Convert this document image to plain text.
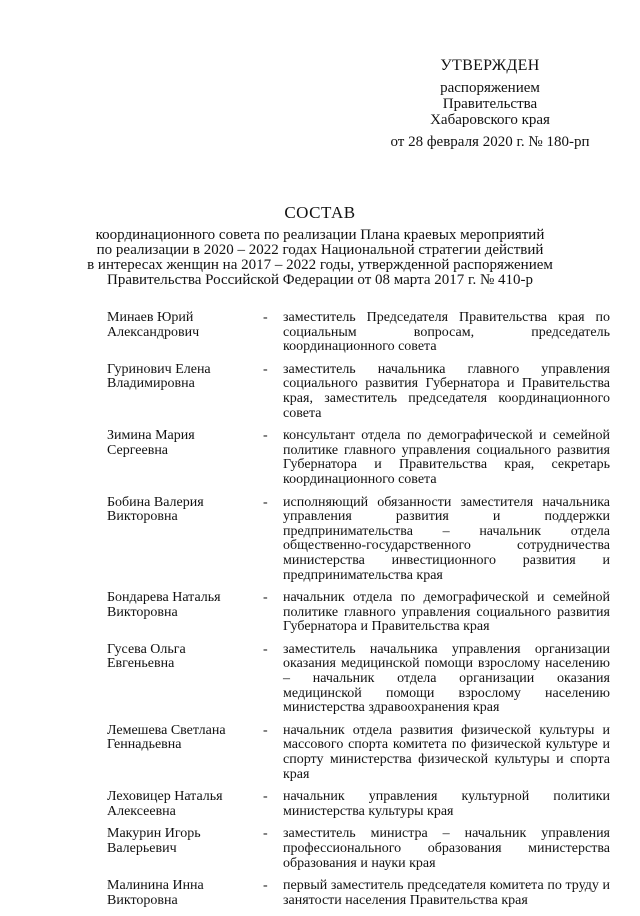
УТВЕРЖДЕН
распоряжением
Правительства
Хабаровского края
от 28 февраля 2020 г. № 180-рп
СОСТАВ
координационного совета по реализации Плана краевых мероприятий
по реализации в 2020 – 2022 годах Национальной стратегии действий
в интересах женщин на 2017 – 2022 годы, утвержденной распоряжением
Правительства Российской Федерации от 08 марта 2017 г. № 410-р
Минаев Юрий
Александрович
-	заместитель Председателя Правительства края по социальным вопросам, председатель координационного совета
Гуринович Елена
Владимировна
-	заместитель начальника главного управления социального развития Губернатора и Правительства края, заместитель председателя координационного совета
Зимина Мария
Сергеевна
-	консультант отдела по демографической и семейной политике главного управления социального развития Губернатора и Правительства края, секретарь координационного совета
Бобина Валерия
Викторовна
-	исполняющий обязанности заместителя начальника управления развития и поддержки предпринимательства – начальник отдела общественно-государственного сотрудничества министерства инвестиционного развития и предпринимательства края
Бондарева Наталья
Викторовна
-	начальник отдела по демографической и семейной политике главного управления социального развития Губернатора и Правительства края
Гусева Ольга
Евгеньевна
-	заместитель начальника управления организации оказания медицинской помощи взрослому населению – начальник отдела организации оказания медицинской помощи взрослому населению министерства здравоохранения края
Лемешева Светлана
Геннадьевна
-	начальник отдела развития физической культуры и массового спорта комитета по физической культуре и спорту министерства физической культуры и спорта края
Леховицер Наталья
Алексеевна
-	начальник управления культурной политики министерства культуры края
Макурин Игорь
Валерьевич
-	заместитель министра – начальник управления профессионального образования министерства образования и науки края
Малинина Инна
Викторовна
-	первый заместитель председателя комитета по труду и занятости населения Правительства края
